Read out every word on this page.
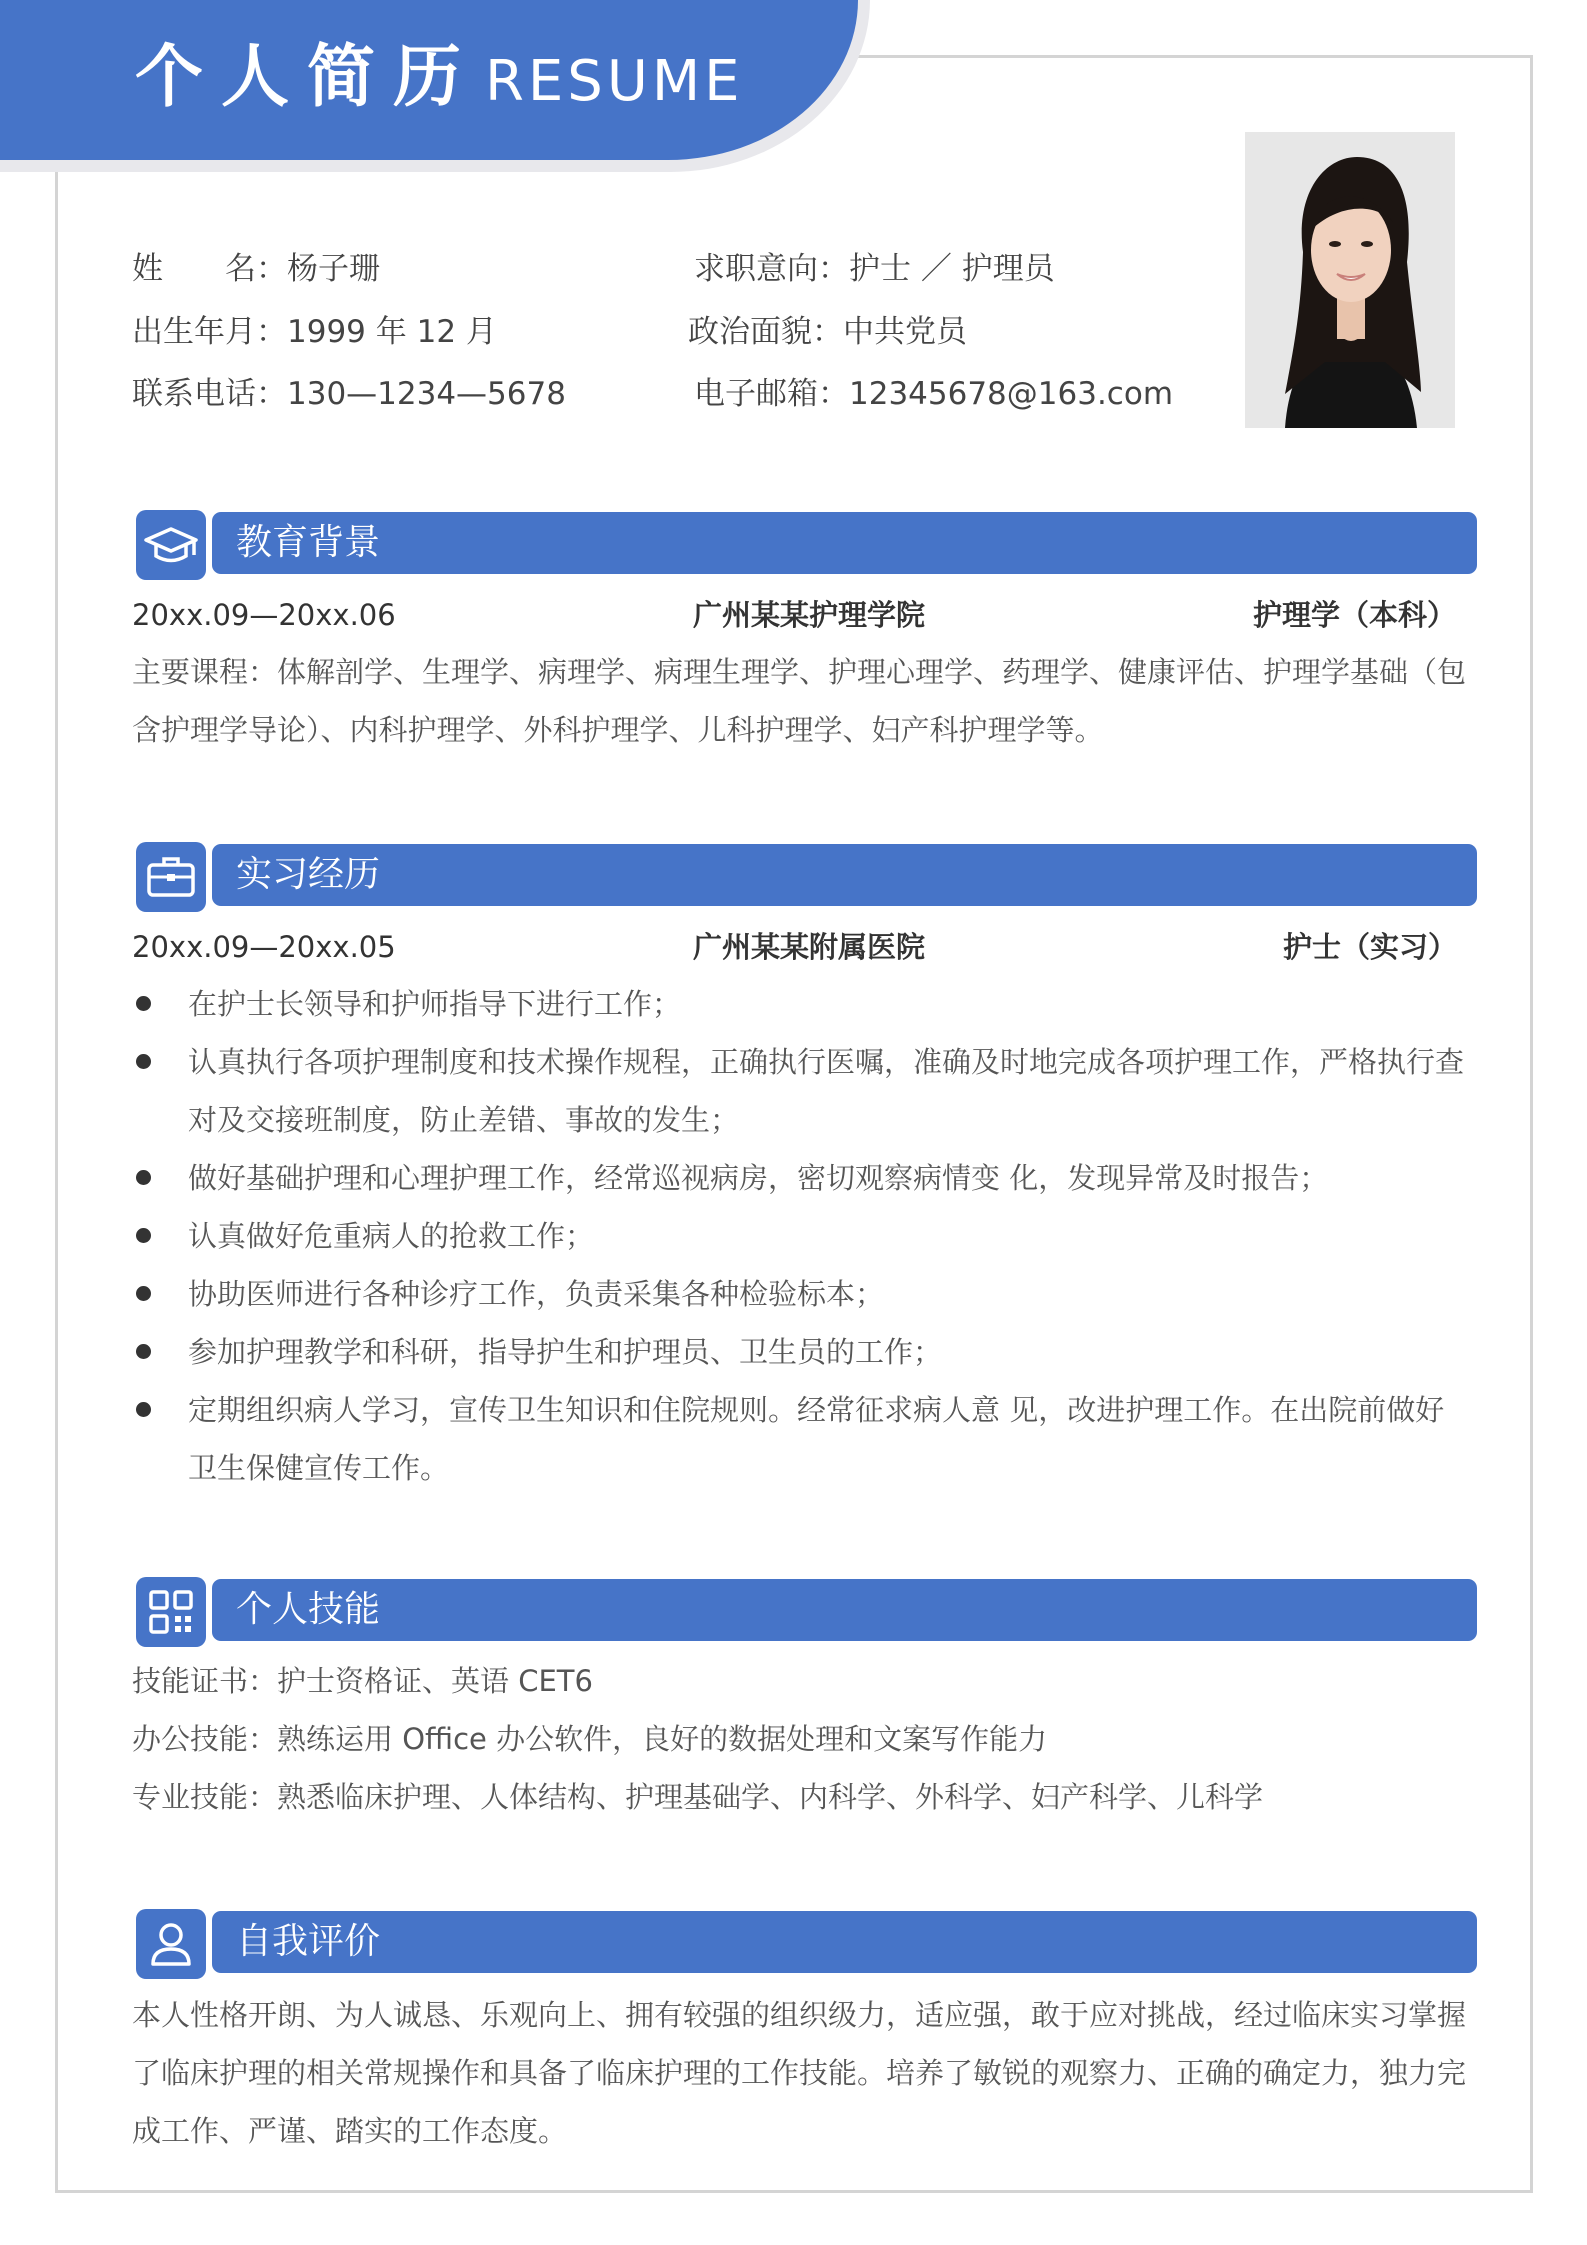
个人简历 RESUME
姓　　名：杨子珊
出生年月：1999 年 12 月
联系电话：130—1234—5678
求职意向：护士 ／ 护理员
政治面貌：中共党员
电子邮箱：12345678@163.com
教育背景
20xx.09—20xx.06	广州某某护理学院	护理学（本科）
主要课程：体解剖学、生理学、病理学、病理生理学、护理心理学、药理学、健康评估、护理学基础（包含护理学导论）、内科护理学、外科护理学、儿科护理学、妇产科护理学等。
实习经历
20xx.09—20xx.05	广州某某附属医院	护士（实习）
在护士长领导和护师指导下进行工作；
认真执行各项护理制度和技术操作规程，正确执行医嘱，准确及时地完成各项护理工作，严格执行查对及交接班制度，防止差错、事故的发生；
做好基础护理和心理护理工作，经常巡视病房，密切观察病情变 化，发现异常及时报告；
认真做好危重病人的抢救工作；
协助医师进行各种诊疗工作，负责采集各种检验标本；
参加护理教学和科研，指导护生和护理员、卫生员的工作；
定期组织病人学习，宣传卫生知识和住院规则。经常征求病人意 见，改进护理工作。在出院前做好卫生保健宣传工作。
个人技能
技能证书：护士资格证、英语 CET6
办公技能：熟练运用 Office 办公软件，良好的数据处理和文案写作能力
专业技能：熟悉临床护理、人体结构、护理基础学、内科学、外科学、妇产科学、儿科学
自我评价
本人性格开朗、为人诚恳、乐观向上、拥有较强的组织级力，适应强，敢于应对挑战，经过临床实习掌握了临床护理的相关常规操作和具备了临床护理的工作技能。培养了敏锐的观察力、正确的确定力，独力完成工作、严谨、踏实的工作态度。
